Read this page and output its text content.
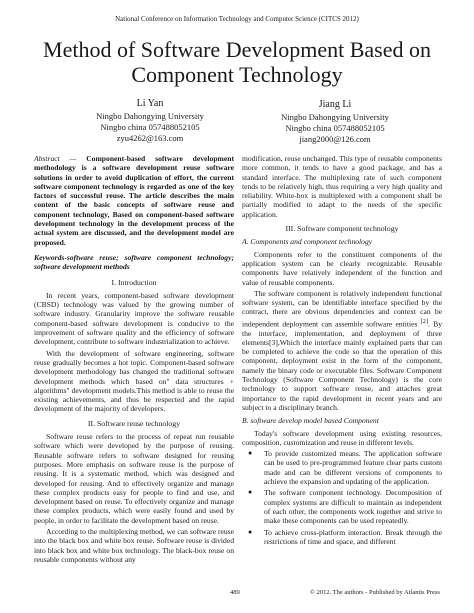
National Conference on Information Technology and Computer Science (CITCS 2012)
Method of Software Development Based on Component Technology
Li Yan
Ningbo Dahongying University
Ningbo china 057488052105
zyu4262@163.com
Jiang Li
Ningbo Dahongying University
Ningbo china 057488052105
jiang2000@126.com

Abstract — Component-based software development methodology is a software development reuse software solutions in order to avoid duplication of effort, the current software component technology is regarded as one of the key factors of successful reuse. The article describes the main content of the basic concepts of software reuse and component technology, Based on component-based software development technology in the development process of the actual system are discussed, and the development model are proposed.

Keywords-software reuse; software component technology; software development methods

I. Introduction

In recent years, component-based software development (CBSD) technology was valued by the growing number of software industry. Granularity improve the software reusable component-based software development is conducive to the improvement of software quality and the efficiency of software development, contribute to software industrialization to achieve.

With the development of software engineering, software reuse gradually becomes a hot topic. Component-based software development methodology has changed the traditional software development methods which based on" data structures + algorithms" development models.This method is able to reuse the existing achievements, and thus be respected and the rapid development of the majority of developers.

II. Software reuse technology

Software reuse refers to the process of repeat run reusable software which were developed by the purpose of reusing. Reusable software refers to software designed for reusing purposes. More emphasis on software reuse is the purpose of reusing. It is a systematic method, which was designed and developed for reusing. And to effectively organize and manage these complex products easy for people to find and use, and development based on reuse. To effectively organize and manage these complex products, which were easily found and used by people, in order to facilitate the development based on reuse.

According to the multiplexing method, we can software reuse into the black box and white box reuse. Software reuse is divided into black box and white box technology. The black-box reuse on reusable components without any

modification, reuse unchanged. This type of reusable components more common, it tends to have a good package, and has a standard interface. The multiplexing rate of such component tends to be relatively high, thus requiring a very high quality and reliability. White-box is multiplexed with a component shall be partially modified to adapt to the needs of the specific application.

III. Software component technology

A. Components and component technology

Components refer to the constituent components of the application system can be clearly recognizable. Reusable components have relatively independent of the function and value of reusable components.

The software component is relatively independent functional software system, can be identifiable interface specified by the contract, there are obvious dependencies and context can be independent deployment can assemble software entities [2]. By the interface, implementation, and deployment of three elements[3],Which the interface mainly explained parts that can be completed to achieve the code so that the operation of this component, deployment exist in the form of the component, namely the binary code or executable files. Software Component Technology (Software Component Technology) is the core technology to support software reuse, and attaches great importance to the rapid development in recent years and are subject to a disciplinary branch.

B. software develop model based Component

Today's software development using existing resources, composition, customization and reuse in different levels.

● To provide customized means. The application software can be used to pre-programmed feature clear parts custom made and can be different versions of components to achieve the expansion and updating of the application.
● The software component technology. Decomposition of complex systems are difficult to maintain as independent of each other, the components work together and strive to make these components can be used repeatedly.
● To achieve cross-platform interaction. Break through the restrictions of time and space, and different
489	© 2012. The authors - Published by Atlantis Press
